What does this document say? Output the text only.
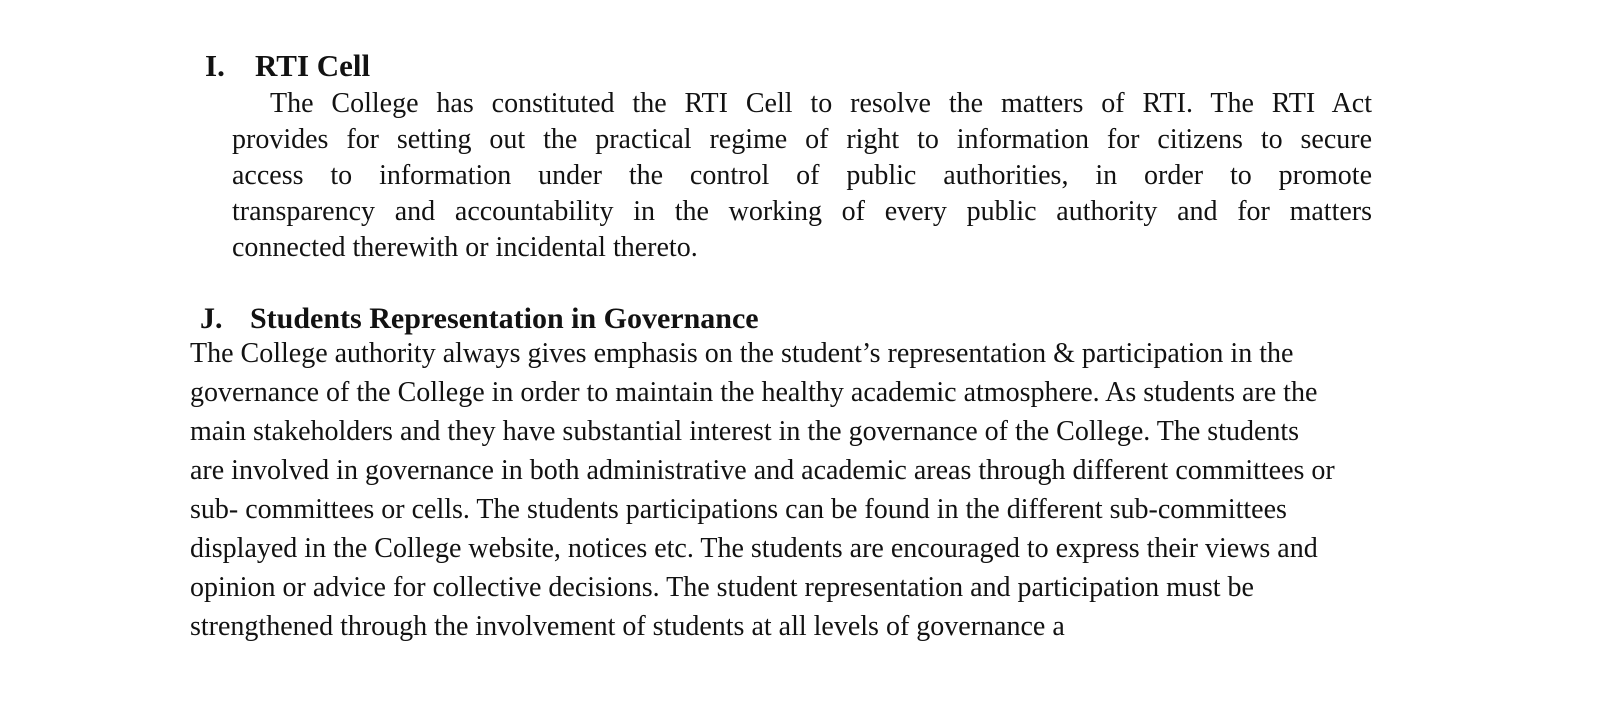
I. RTI Cell
The College has constituted the RTI Cell to resolve the matters of RTI. The RTI Act
provides for setting out the practical regime of right to information for citizens to secure
access to information under the control of public authorities, in order to promote
transparency and accountability in the working of every public authority and for matters
connected therewith or incidental thereto.
J. Students Representation in Governance
The College authority always gives emphasis on the student’s representation & participation in the
governance of the College in order to maintain the healthy academic atmosphere. As students are the
main stakeholders and they have substantial interest in the governance of the College. The students
are involved in governance in both administrative and academic areas through different committees or
sub- committees or cells. The students participations can be found in the different sub-committees
displayed in the College website, notices etc. The students are encouraged to express their views and
opinion or advice for collective decisions. The student representation and participation must be
strengthened through the involvement of students at all levels of governance a
